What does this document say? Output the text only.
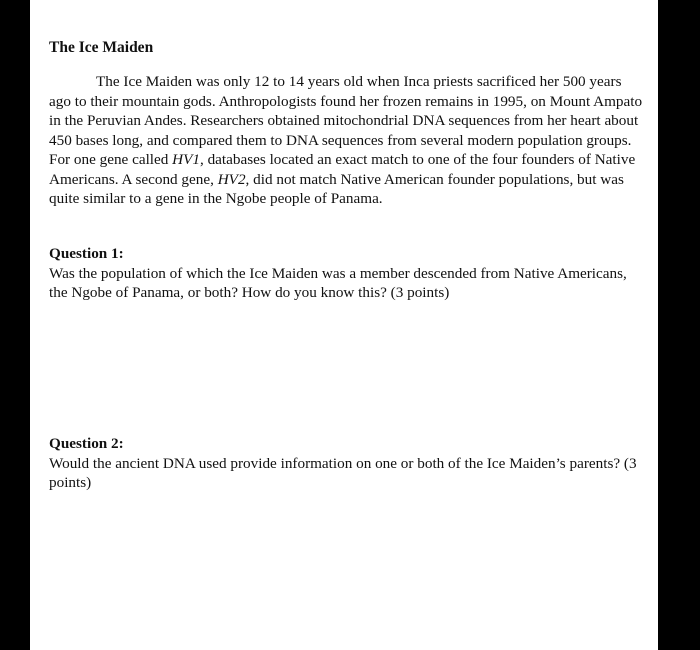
The Ice Maiden

The Ice Maiden was only 12 to 14 years old when Inca priests sacrificed her 500 years ago to their mountain gods. Anthropologists found her frozen remains in 1995, on Mount Ampato in the Peruvian Andes. Researchers obtained mitochondrial DNA sequences from her heart about 450 bases long, and compared them to DNA sequences from several modern population groups. For one gene called HV1, databases located an exact match to one of the four founders of Native Americans. A second gene, HV2, did not match Native American founder populations, but was quite similar to a gene in the Ngobe people of Panama.

Question 1:

Was the population of which the Ice Maiden was a member descended from Native Americans, the Ngobe of Panama, or both? How do you know this? (3 points)

Question 2:

Would the ancient DNA used provide information on one or both of the Ice Maiden’s parents? (3 points)
